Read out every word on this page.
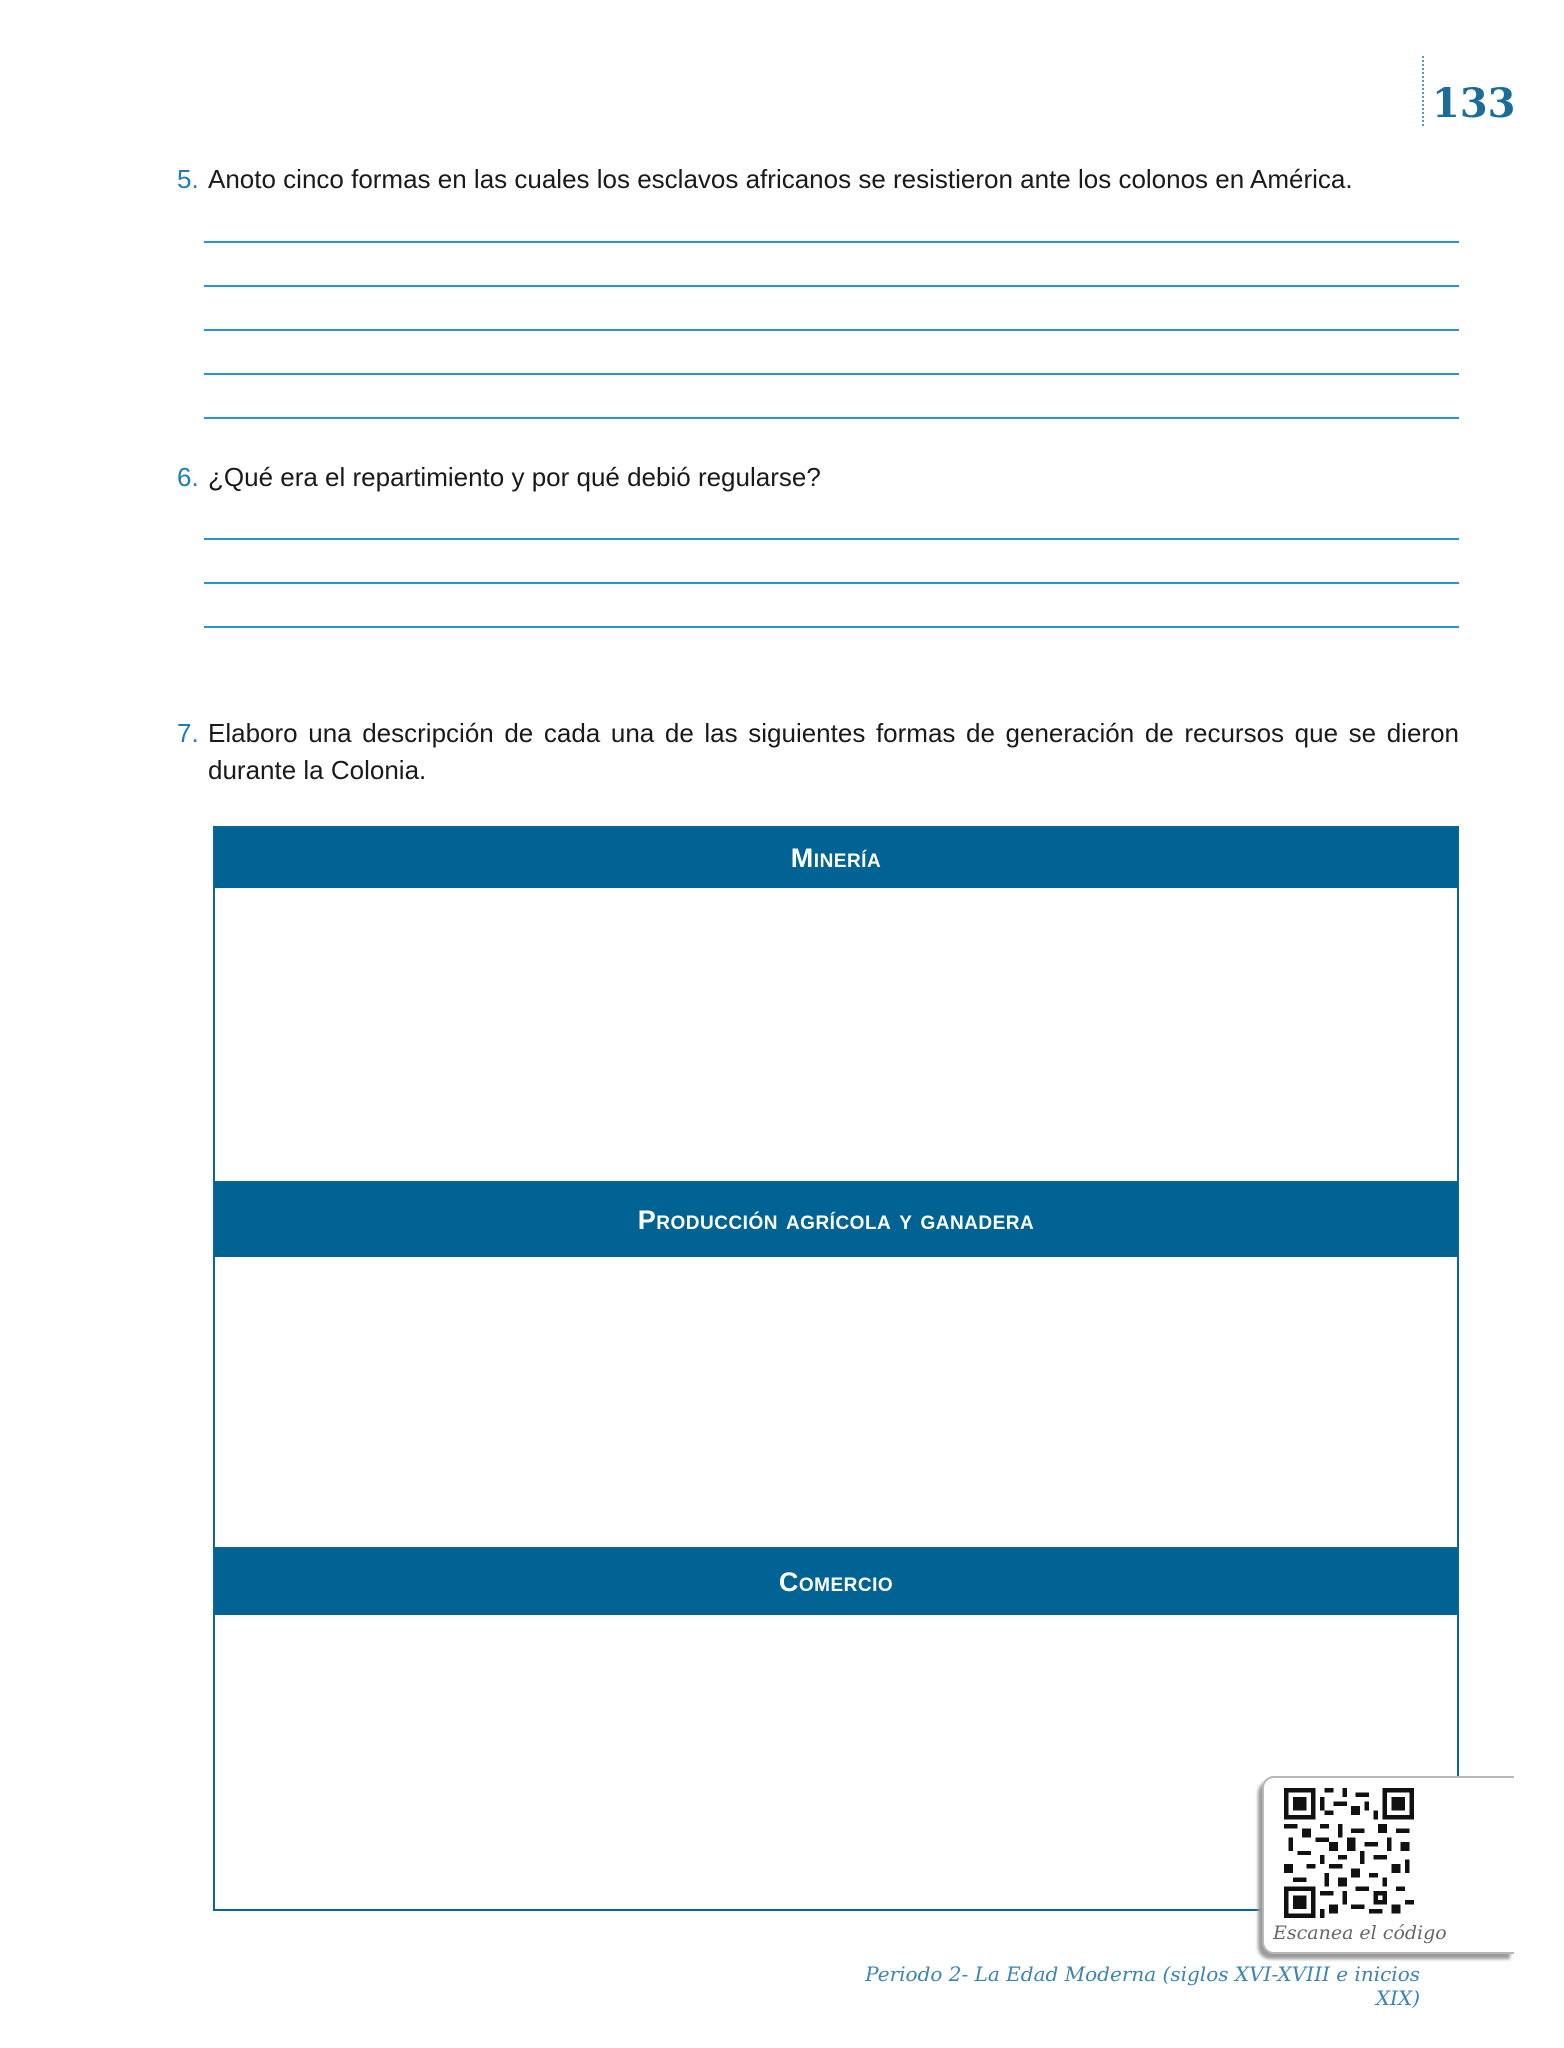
133
5. Anoto cinco formas en las cuales los esclavos africanos se resistieron ante los colonos en América.
6. ¿Qué era el repartimiento y por qué debió regularse?
7. Elaboro una descripción de cada una de las siguientes formas de generación de recursos que se dieron durante la Colonia.
Minería
Producción agrícola y ganadera
Comercio
Escanea el código
Periodo 2- La Edad Moderna (siglos XVI-XVIII e inicios XIX)
